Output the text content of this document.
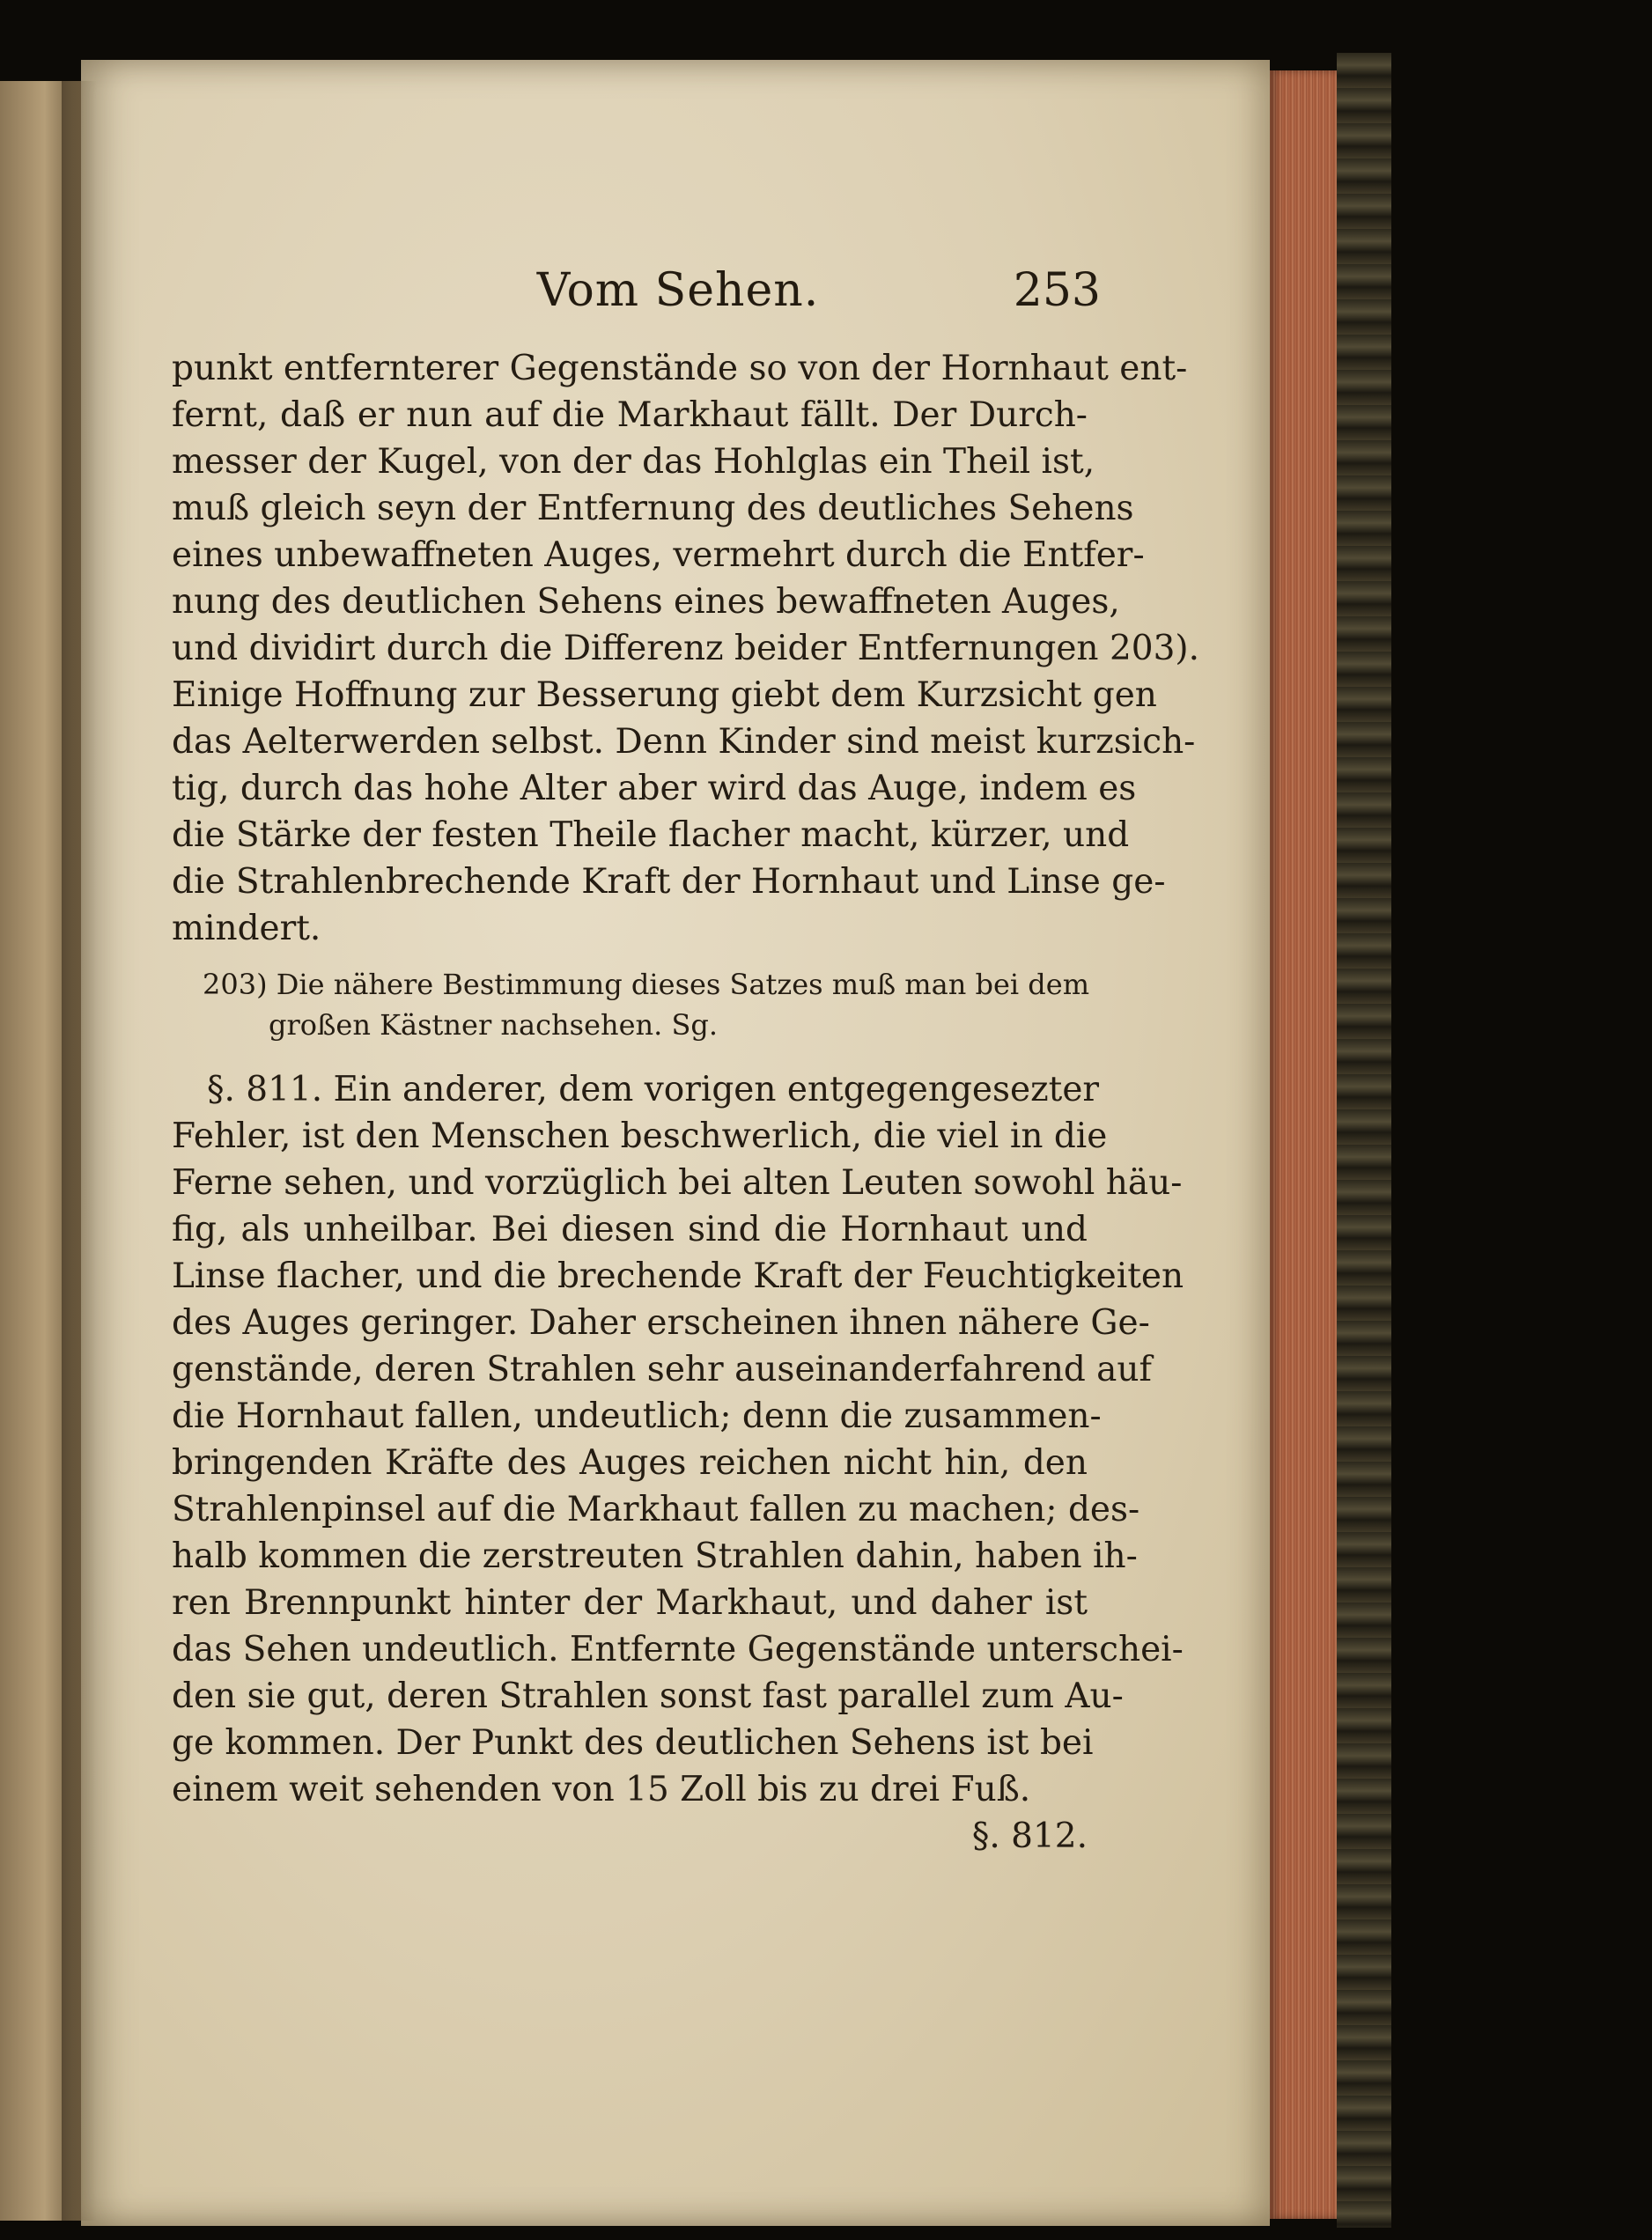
Vom Sehen.	253
punkt entfernterer Gegenstände so von der Hornhaut ent-
fernt, daß er nun auf die Markhaut fällt. Der Durch-
messer der Kugel, von der das Hohlglas ein Theil ist,
muß gleich seyn der Entfernung des deutliches Sehens
eines unbewaffneten Auges, vermehrt durch die Entfer-
nung des deutlichen Sehens eines bewaffneten Auges,
und dividirt durch die Differenz beider Entfernungen 203).
Einige Hoffnung zur Besserung giebt dem Kurzsicht gen
das Aelterwerden selbst. Denn Kinder sind meist kurzsich-
tig, durch das hohe Alter aber wird das Auge, indem es
die Stärke der festen Theile flacher macht, kürzer, und
die Strahlenbrechende Kraft der Hornhaut und Linse ge-
mindert.
203) Die nähere Bestimmung dieses Satzes muß man bei dem
großen Kästner nachsehen. Sg.
§. 811. Ein anderer, dem vorigen entgegengesezter
Fehler, ist den Menschen beschwerlich, die viel in die
Ferne sehen, und vorzüglich bei alten Leuten sowohl häu-
fig, als unheilbar. Bei diesen sind die Hornhaut und
Linse flacher, und die brechende Kraft der Feuchtigkeiten
des Auges geringer. Daher erscheinen ihnen nähere Ge-
genstände, deren Strahlen sehr auseinanderfahrend auf
die Hornhaut fallen, undeutlich; denn die zusammen-
bringenden Kräfte des Auges reichen nicht hin, den
Strahlenpinsel auf die Markhaut fallen zu machen; des-
halb kommen die zerstreuten Strahlen dahin, haben ih-
ren Brennpunkt hinter der Markhaut, und daher ist
das Sehen undeutlich. Entfernte Gegenstände unterschei-
den sie gut, deren Strahlen sonst fast parallel zum Au-
ge kommen. Der Punkt des deutlichen Sehens ist bei
einem weit sehenden von 15 Zoll bis zu drei Fuß.
§. 812.
